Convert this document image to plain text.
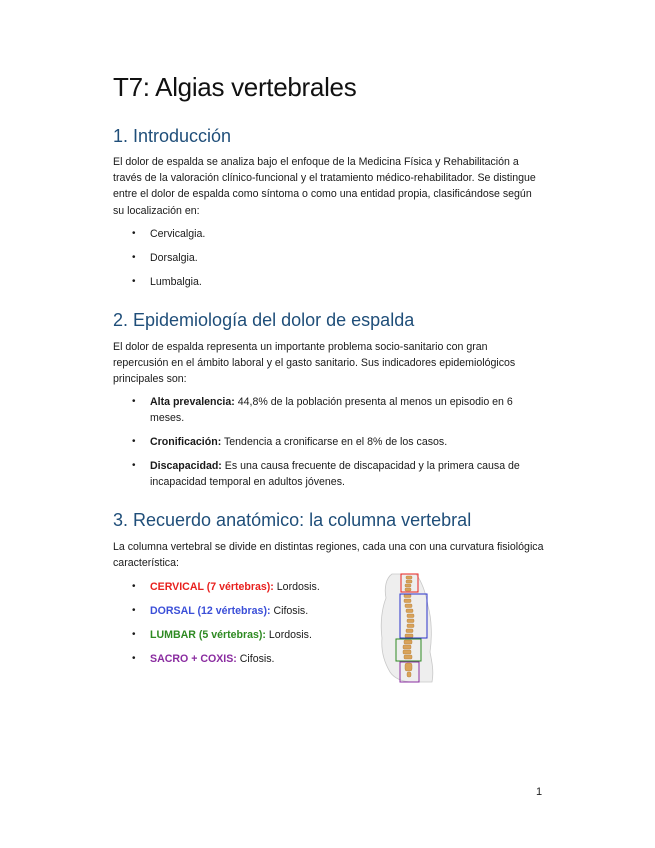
T7: Algias vertebrales
1. Introducción

El dolor de espalda se analiza bajo el enfoque de la Medicina Física y Rehabilitación a través de la valoración clínico-funcional y el tratamiento médico-rehabilitador. Se distingue entre el dolor de espalda como síntoma o como una entidad propia, clasificándose según su localización en:

• Cervicalgia.
• Dorsalgia.
• Lumbalgia.
2. Epidemiología del dolor de espalda

El dolor de espalda representa un importante problema socio-sanitario con gran repercusión en el ámbito laboral y el gasto sanitario. Sus indicadores epidemiológicos principales son:

• Alta prevalencia: 44,8% de la población presenta al menos un episodio en 6 meses.
• Cronificación: Tendencia a cronificarse en el 8% de los casos.
• Discapacidad: Es una causa frecuente de discapacidad y la primera causa de incapacidad temporal en adultos jóvenes.
3. Recuerdo anatómico: la columna vertebral

La columna vertebral se divide en distintas regiones, cada una con una curvatura fisiológica característica:

• CERVICAL (7 vértebras): Lordosis.
• DORSAL (12 vértebras): Cifosis.
• LUMBAR (5 vértebras): Lordosis.
• SACRO + COXIS: Cifosis.
1
